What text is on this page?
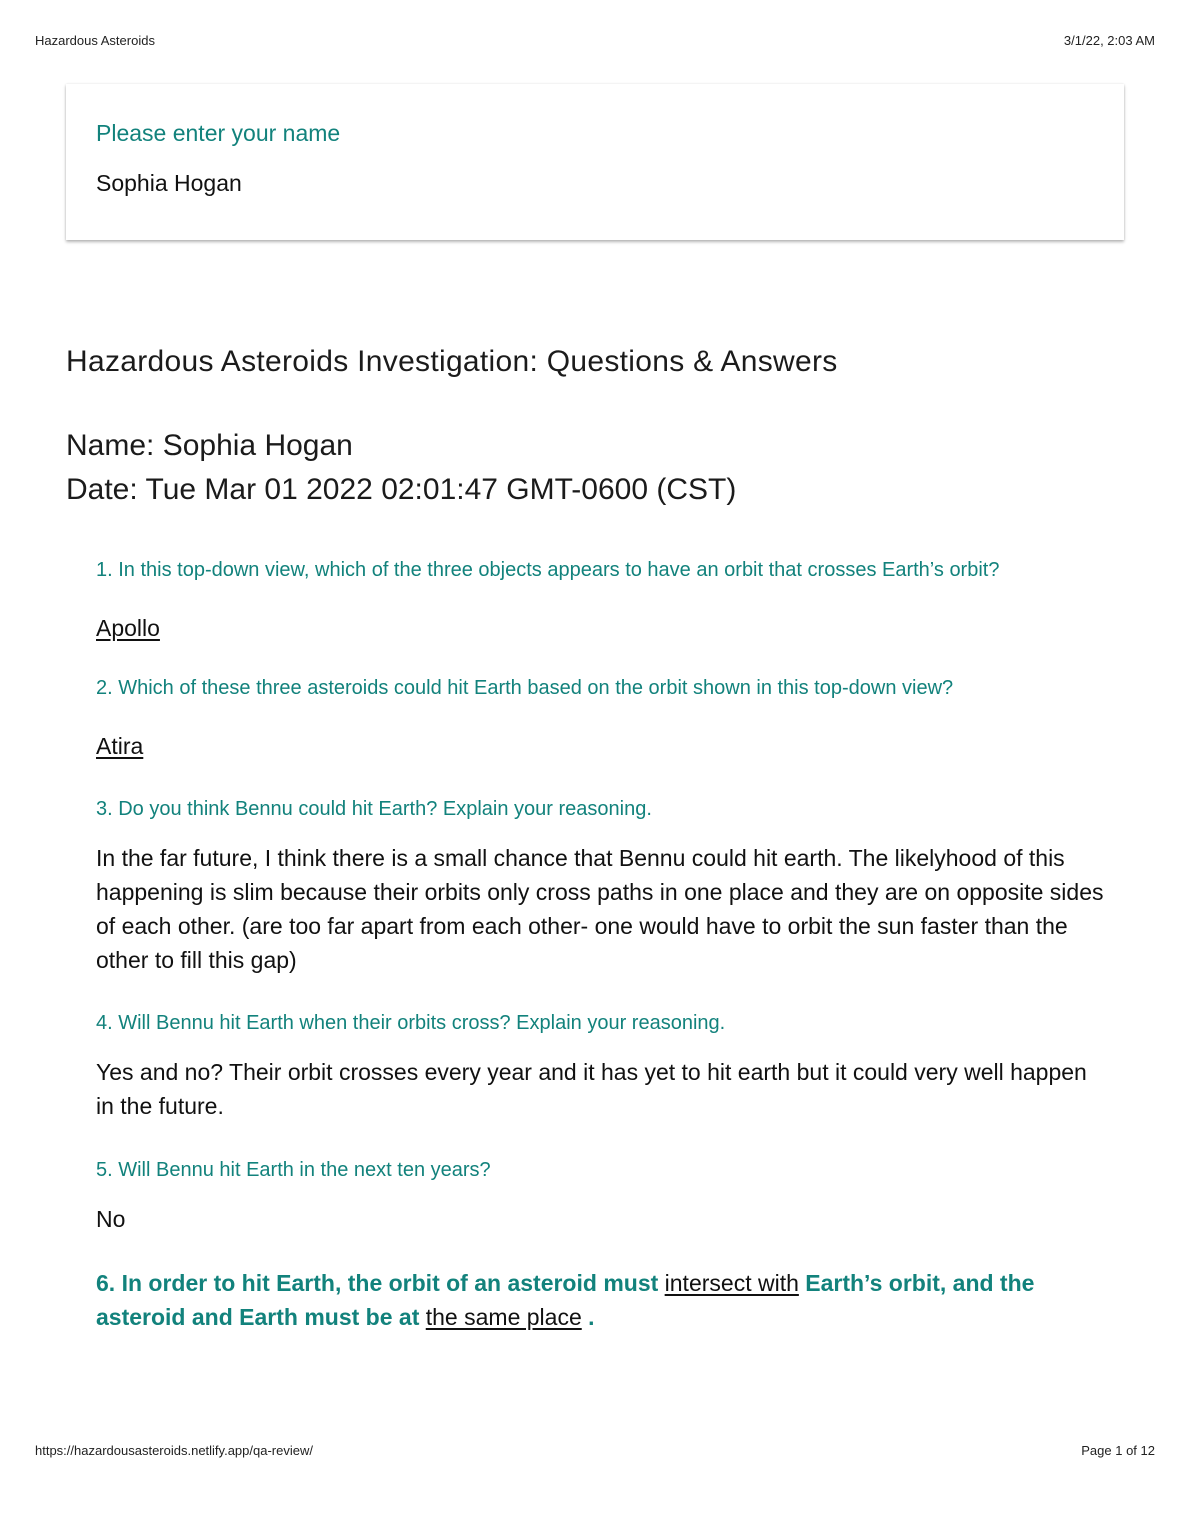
Hazardous Asteroids	3/1/22, 2:03 AM

Please enter your name

Sophia Hogan

Hazardous Asteroids Investigation: Questions & Answers
Name: Sophia Hogan
Date: Tue Mar 01 2022 02:01:47 GMT-0600 (CST)

1. In this top-down view, which of the three objects appears to have an orbit that crosses Earth’s orbit?

Apollo

2. Which of these three asteroids could hit Earth based on the orbit shown in this top-down view?

Atira

3. Do you think Bennu could hit Earth? Explain your reasoning.

In the far future, I think there is a small chance that Bennu could hit earth. The likelyhood of this happening is slim because their orbits only cross paths in one place and they are on opposite sides of each other. (are too far apart from each other- one would have to orbit the sun faster than the other to fill this gap)

4. Will Bennu hit Earth when their orbits cross? Explain your reasoning.

Yes and no? Their orbit crosses every year and it has yet to hit earth but it could very well happen in the future.

5. Will Bennu hit Earth in the next ten years?

No

6. In order to hit Earth, the orbit of an asteroid must intersect with Earth’s orbit, and the asteroid and Earth must be at the same place .

https://hazardousasteroids.netlify.app/qa-review/	Page 1 of 12
